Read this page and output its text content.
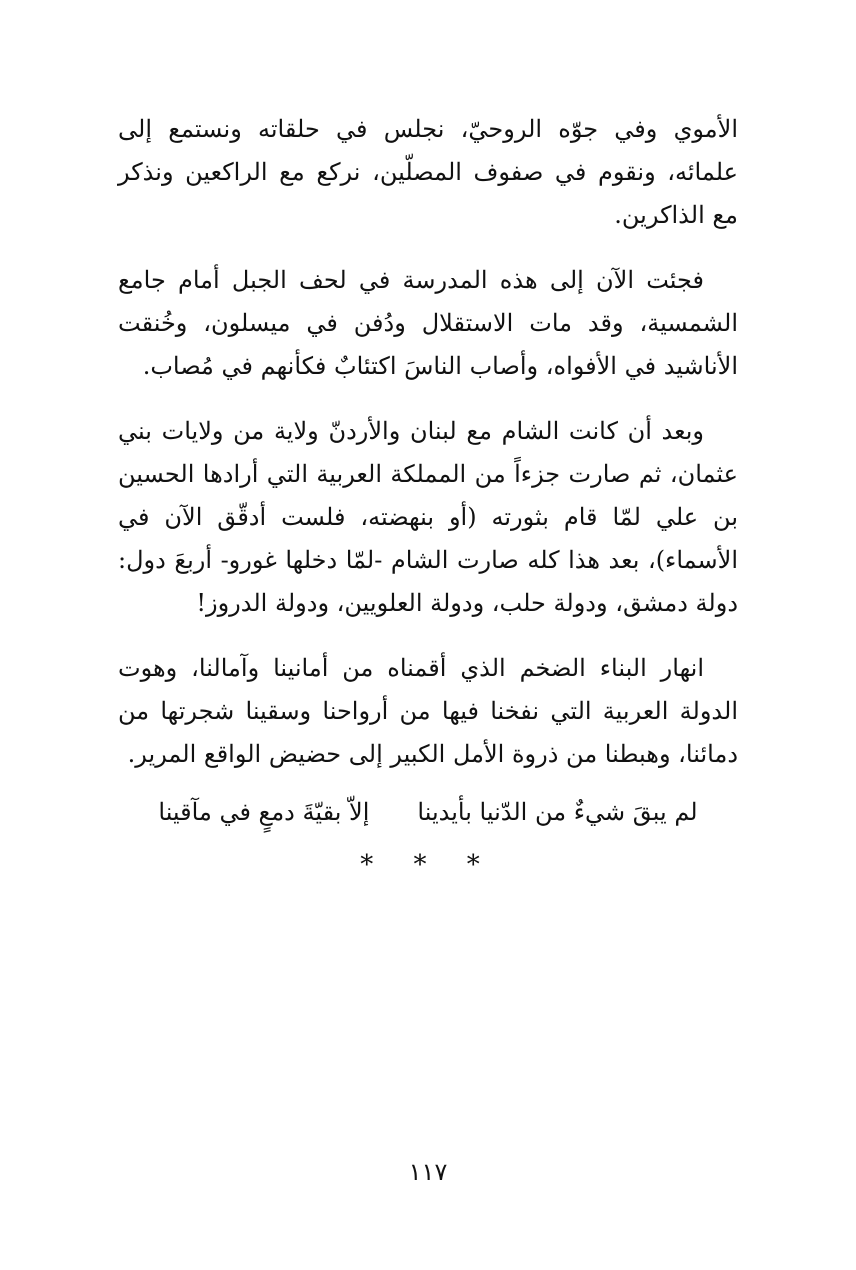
الأموي وفي جوّه الروحيّ، نجلس في حلقاته ونستمع إلى علمائه، ونقوم في صفوف المصلّين، نركع مع الراكعين ونذكر مع الذاكرين.

فجئت الآن إلى هذه المدرسة في لحف الجبل أمام جامع الشمسية، وقد مات الاستقلال ودُفن في ميسلون، وخُنقت الأناشيد في الأفواه، وأصاب الناسَ اكتئابٌ فكأنهم في مُصاب.

وبعد أن كانت الشام مع لبنان والأردنّ ولاية من ولايات بني عثمان، ثم صارت جزءاً من المملكة العربية التي أرادها الحسين بن علي لمّا قام بثورته (أو بنهضته، فلست أدقّق الآن في الأسماء)، بعد هذا كله صارت الشام -لمّا دخلها غورو- أربعَ دول: دولة دمشق، ودولة حلب، ودولة العلويين، ودولة الدروز!

انهار البناء الضخم الذي أقمناه من أمانينا وآمالنا، وهوت الدولة العربية التي نفخنا فيها من أرواحنا وسقينا شجرتها من دمائنا، وهبطنا من ذروة الأمل الكبير إلى حضيض الواقع المرير.

لم يبقَ شيءٌ من الدّنيا بأيدينا
إلاّ بقيّةَ دمعٍ في مآقينا
* * *
١١٧
